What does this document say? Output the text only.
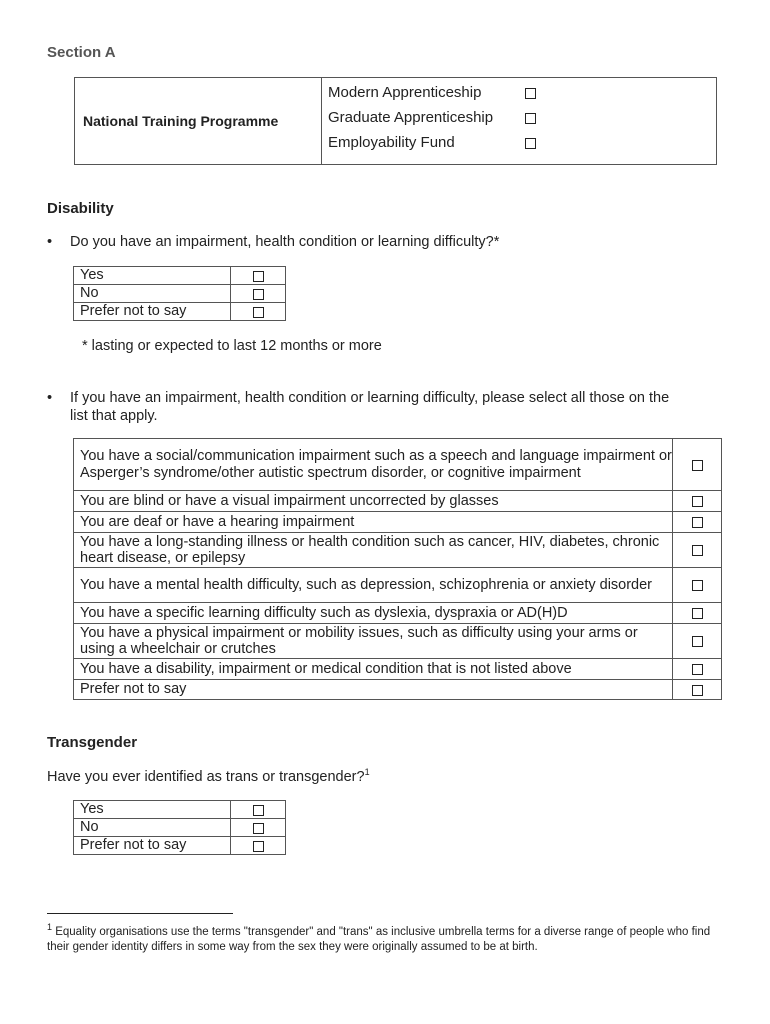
Section A
National Training Programme	
Modern Apprenticeship
Graduate Apprenticeship
Employability Fund
Disability
• Do you have an impairment, health condition or learning difficulty?*
Yes	
No	
Prefer not to say	
* lasting or expected to last 12 months or more
• If you have an impairment, health condition or learning difficulty, please select all those on the
list that apply.
You have a social/communication impairment such as a speech and language impairment or Asperger’s syndrome/other autistic spectrum disorder, or cognitive impairment	
You are blind or have a visual impairment uncorrected by glasses	
You are deaf or have a hearing impairment	
You have a long-standing illness or health condition such as cancer, HIV, diabetes, chronic heart disease, or epilepsy	
You have a mental health difficulty, such as depression, schizophrenia or anxiety disorder	
You have a specific learning difficulty such as dyslexia, dyspraxia or AD(H)D	
You have a physical impairment or mobility issues, such as difficulty using your arms or using a wheelchair or crutches	
You have a disability, impairment or medical condition that is not listed above	
Prefer not to say	
Transgender
Have you ever identified as trans or transgender?$^1$
Yes	
No	
Prefer not to say	
$^1$ Equality organisations use the terms "transgender" and "trans" as inclusive umbrella terms for a diverse range of people who find their gender identity differs in some way from the sex they were originally assumed to be at birth.
